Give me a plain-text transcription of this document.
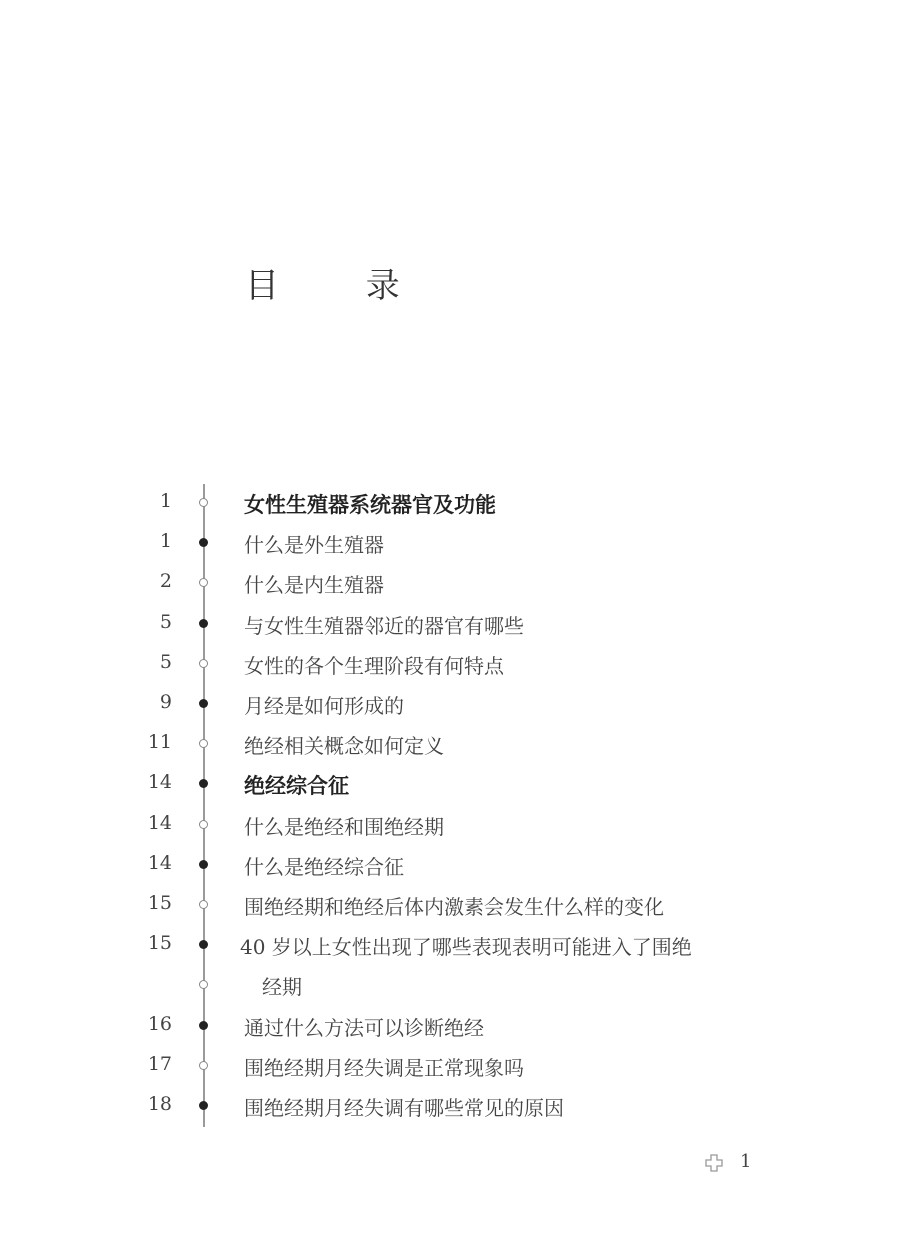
目 录
1	女性生殖器系统器官及功能
1	什么是外生殖器
2	什么是内生殖器
5	与女性生殖器邻近的器官有哪些
5	女性的各个生理阶段有何特点
9	月经是如何形成的
11	绝经相关概念如何定义
14	绝经综合征
14	什么是绝经和围绝经期
14	什么是绝经综合征
15	围绝经期和绝经后体内激素会发生什么样的变化
15	40 岁以上女性出现了哪些表现表明可能进入了围绝
经期
16	通过什么方法可以诊断绝经
17	围绝经期月经失调是正常现象吗
18	围绝经期月经失调有哪些常见的原因
1
